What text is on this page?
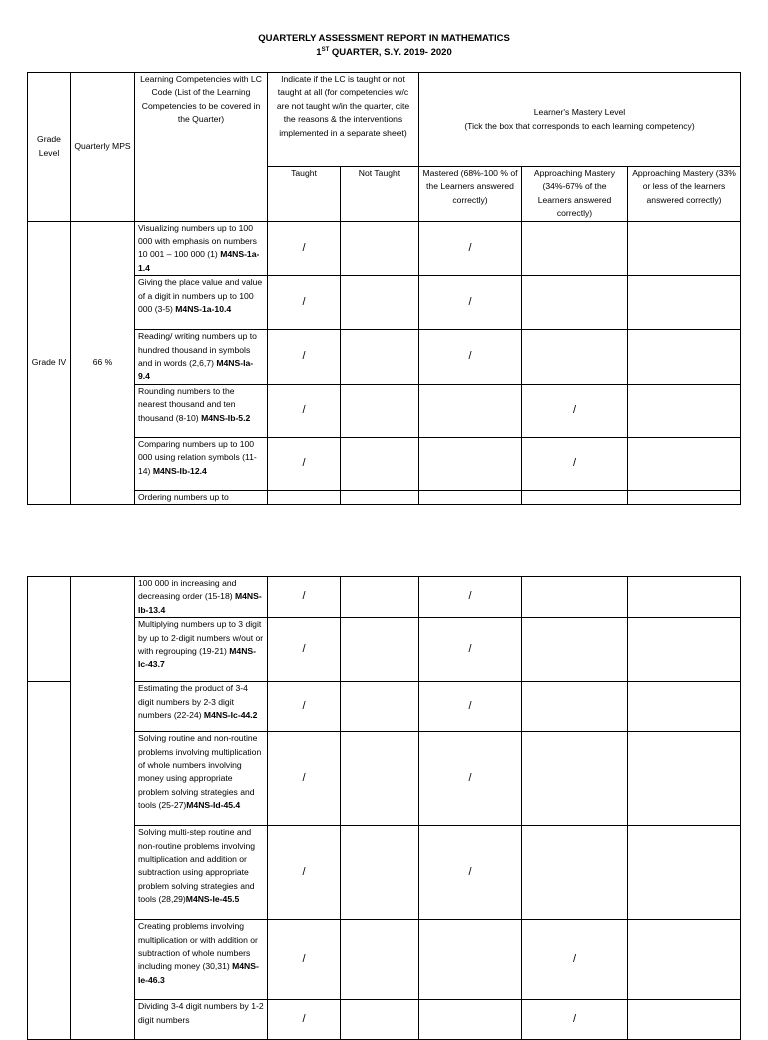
QUARTERLY ASSESSMENT REPORT IN MATHEMATICS
1ST QUARTER, S.Y. 2019- 2020
Grade Level	Quarterly MPS	Learning Competencies with LC Code (List of the Learning Competencies to be covered in the Quarter)	Indicate if the LC is taught or not taught at all (for competencies w/c are not taught w/in the quarter, cite the reasons & the interventions implemented in a separate sheet)		Learner's Mastery Level
(Tick the box that corresponds to each learning competency)		

			Taught	Not Taught	Mastered (68%-100 % of the Learners answered correctly)	Approaching Mastery (34%-67% of the Learners answered correctly)	Approaching Mastery (33% or less of the learners answered correctly)
Grade IV	66 %	Visualizing numbers up to 100 000 with emphasis on numbers 10 001 – 100 000 (1) M4NS-1a-1.4	/		/		
		Giving the place value and value of a digit in numbers up to 100 000 (3-5) M4NS-1a-10.4	/		/		
		Reading/ writing numbers up to hundred thousand in symbols and in words (2,6,7) M4NS-Ia-9.4	/		/		
		Rounding numbers to the nearest thousand and ten thousand (8-10) M4NS-Ib-5.2	/			/	
		Comparing numbers up to 100 000 using relation symbols (11-14) M4NS-Ib-12.4	/			/	
		Ordering numbers up to					
		100 000 in increasing and decreasing order (15-18) M4NS-Ib-13.4	/		/		
		Multiplying numbers up to 3 digit by up to 2-digit numbers w/out or with regrouping (19-21) M4NS-Ic-43.7	/		/		
		Estimating the product of 3-4 digit numbers by 2-3 digit numbers (22-24) M4NS-Ic-44.2	/		/		
		Solving routine and non-routine problems involving multiplication of whole numbers involving money using appropriate problem solving strategies and tools (25-27)M4NS-Id-45.4	/		/		
		Solving multi-step routine and non-routine problems involving multiplication and addition or subtraction using appropriate problem solving strategies and tools (28,29)M4NS-Ie-45.5	/		/		
		Creating problems involving multiplication or with addition or subtraction of whole numbers including money (30,31) M4NS-Ie-46.3	/			/	
		Dividing 3-4 digit numbers by 1-2 digit numbers	/			/	
